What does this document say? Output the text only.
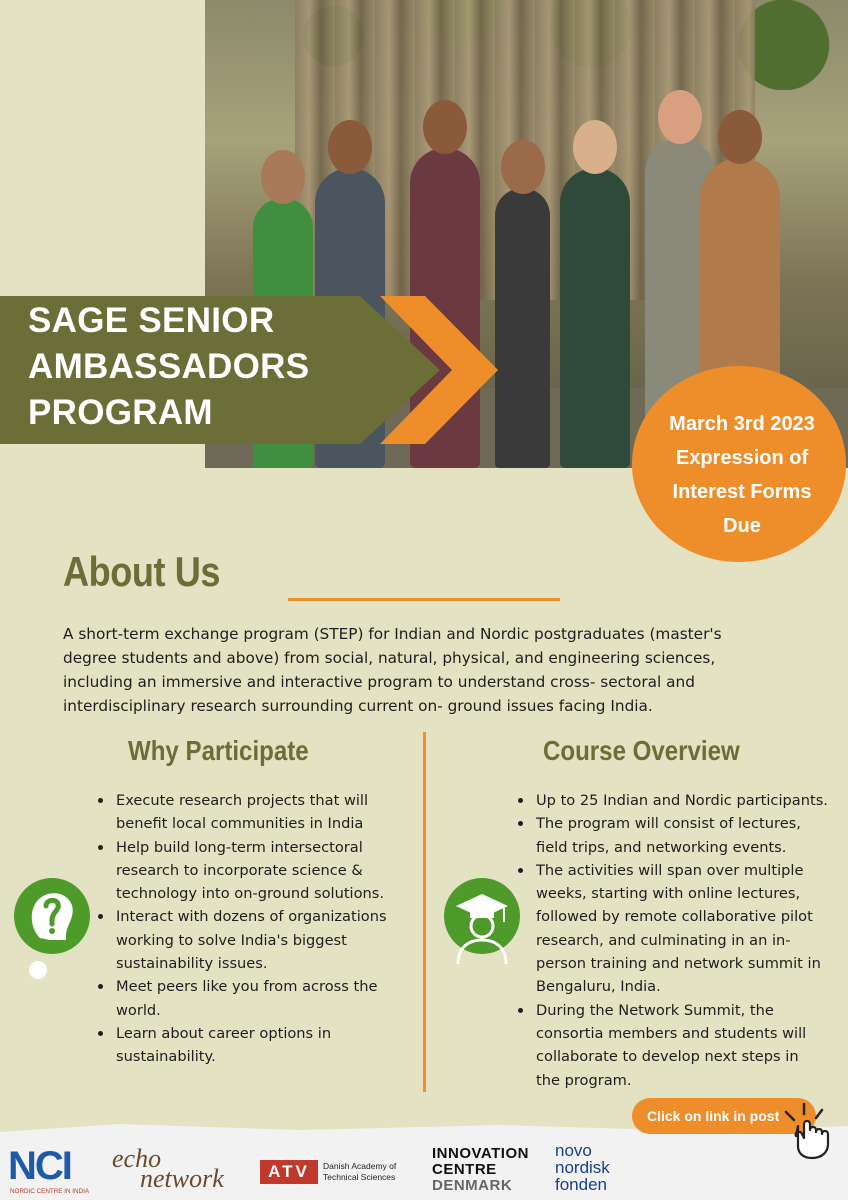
SAGE SENIOR
AMBASSADORS
PROGRAM	March 3rd 2023
Expression of
Interest Forms
Due
About Us
A short-term exchange program (STEP) for Indian and Nordic postgraduates (master's
degree students and above) from social, natural, physical, and engineering sciences,
including an immersive and interactive program to understand cross- sectoral and
interdisciplinary research surrounding current on- ground issues facing India.
Why Participate
Execute research projects that will
benefit local communities in India
Help build long-term intersectoral
research to incorporate science &
technology into on-ground solutions.
Interact with dozens of organizations
working to solve India's biggest
sustainability issues.
Meet peers like you from across the
world.
Learn about career options in
sustainability.
Course Overview
Up to 25 Indian and Nordic participants.
The program will consist of lectures,
field trips, and networking events.
The activities will span over multiple
weeks, starting with online lectures,
followed by remote collaborative pilot
research, and culminating in an in-
person training and network summit in
Bengaluru, India.
During the Network Summit, the
consortia members and students will
collaborate to develop next steps in
the program.
Click on link in post
NCI
NORDIC CENTRE IN INDIA
echo
network	ATV	Danish Academy of
Technical Sciences
INNOVATION
CENTRE
DENMARK
novo
nordisk
fonden
